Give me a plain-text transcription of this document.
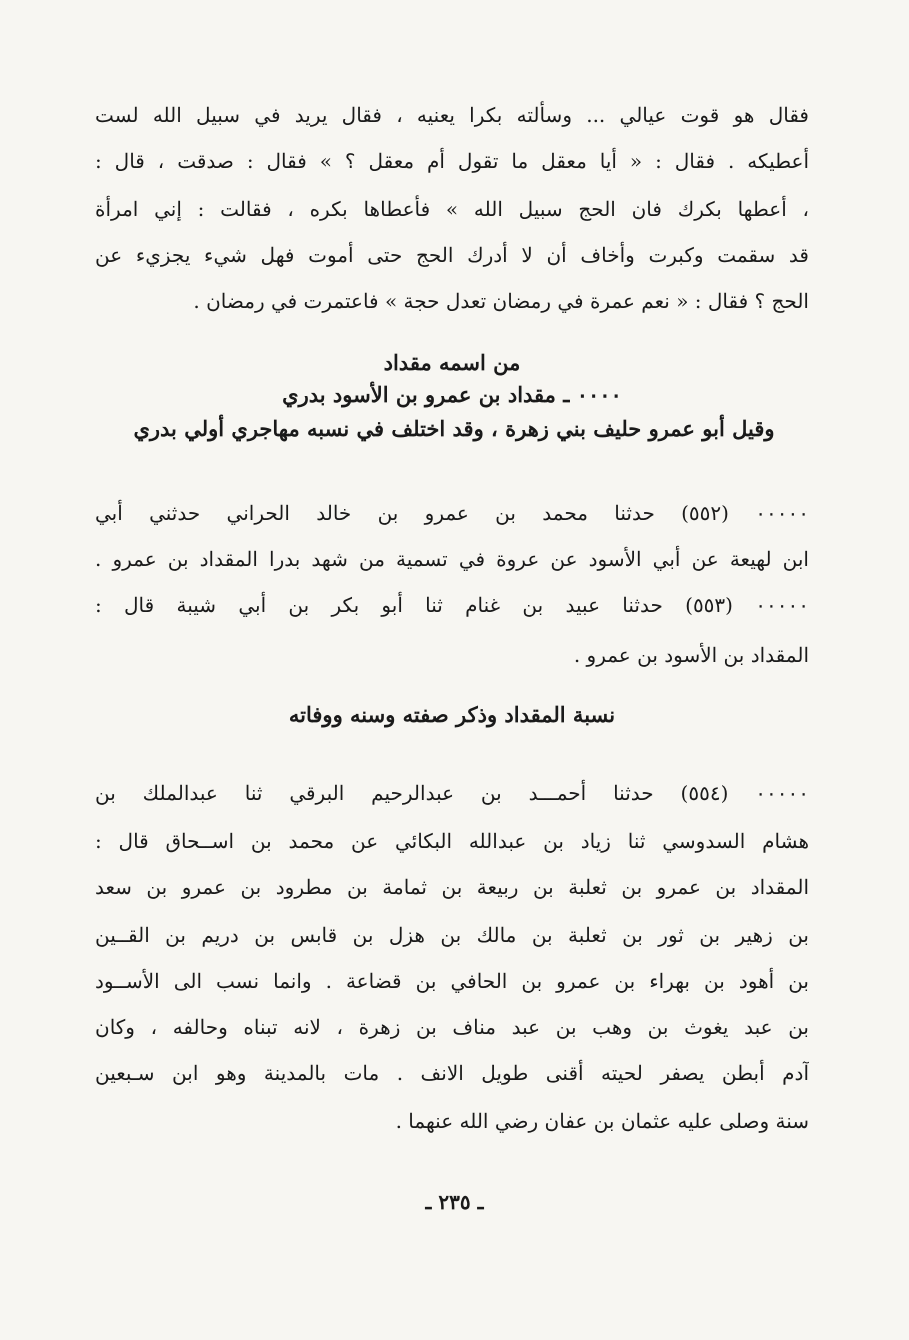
فقال هو قوت عيالي ... وسألته بكرا يعنيه ، فقال يريد في سبيل الله لست
أعطيكه . فقال : « أيا معقل ما تقول أم معقل ؟ » فقال : صدقت ، قال :
، أعطها بكرك فان الحج سبيل الله » فأعطاها بكره ، فقالت : إني امرأة
قد سقمت وكبرت وأخاف أن لا أدرك الحج حتى أموت فهل شيء يجزيء عن
الحج ؟ فقال : « نعم عمرة في رمضان تعدل حجة » فاعتمرت في رمضان .
من اسمه مقداد
٠٠٠٠ ـ مقداد بن عمرو بن الأسود بدري
وقيل أبو عمرو حليف بني زهرة ، وقد اختلف في نسبه مهاجري أولي بدري
٠٠٠٠٠ (٥٥٢) حدثنا محمد بن عمرو بن خالد الحراني حدثني أبي
ابن لهيعة عن أبي الأسود عن عروة في تسمية من شهد بدرا المقداد بن عمرو .
٠٠٠٠٠ (٥٥٣) حدثنا عبيد بن غنام ثنا أبو بكر بن أبي شيبة قال :
المقداد بن الأسود بن عمرو .
نسبة المقداد وذكر صفته وسنه ووفاته
٠٠٠٠٠ (٥٥٤) حدثنا أحمـــد بن عبدالرحيم البرقي ثنا عبدالملك بن
هشام السدوسي ثنا زياد بن عبدالله البكائي عن محمد بن اســحاق قال :
المقداد بن عمرو بن ثعلبة بن ربيعة بن ثمامة بن مطرود بن عمرو بن سعد
بن زهير بن ثور بن ثعلبة بن مالك بن هزل بن قابس بن دريم بن القــين
بن أهود بن بهراء بن عمرو بن الحافي بن قضاعة . وانما نسب الى الأســود
بن عبد يغوث بن وهب بن عبد مناف بن زهرة ، لانه تبناه وحالفه ، وكان
آدم أبطن يصفر لحيته أقنى طويل الانف . مات بالمدينة وهو ابن سـبعين
سنة وصلى عليه عثمان بن عفان رضي الله عنهما .
ـ ٢٣٥ ـ
